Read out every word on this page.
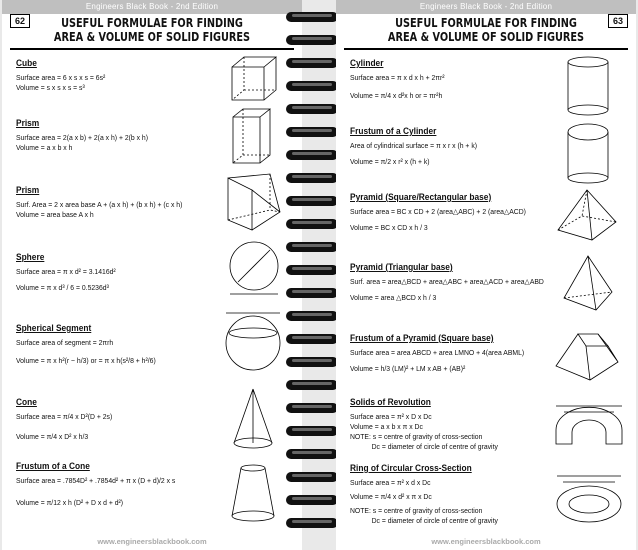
Engineers Black Book - 2nd Edition
62	USEFUL FORMULAE FOR FINDING
AREA & VOLUME OF SOLID FIGURES
Cube
Surface area = 6 x s x s = 6s²
Volume = s x s x s = s³
Prism
Surface area = 2(a x b) + 2(a x h) + 2(b x h)
Volume = a x b x h
Prism
Surf. Area = 2 x area base A + (a x h) + (b x h) + (c x h)
Volume = area base A x h
Sphere
Surface area = π x d² = 3.1416d²
Volume = π x d³ / 6 = 0.5236d³
Spherical Segment
Surface area of segment = 2πrh
Volume = π x h²(r − h/3) or = π x h(s²/8 + h²/6)
Cone
Surface area = π/4 x D²(D + 2s)
Volume = π/4 x D² x h/3
Frustum of a Cone
Surface area = .7854D² + .7854d² + π x (D + d)/2 x s
Volume = π/12 x h (D² + D x d + d²)
www.engineersblackbook.com
Engineers Black Book - 2nd Edition
63
USEFUL FORMULAE FOR FINDING
AREA & VOLUME OF SOLID FIGURES
Cylinder
Surface area = π x d x h + 2πr²
Volume = π/4 x d²x h or = πr²h
Frustum of a Cylinder
Area of cylindrical surface = π x r x (h + k)
Volume = π/2 x r² x (h + k)
Pyramid (Square/Rectangular base)
Surface area = BC x CD + 2 (area△ABC) + 2 (area△ACD)
Volume = BC x CD x h / 3
Pyramid (Triangular base)
Surf. area = area△BCD + area△ABC + area△ACD + area△ABD
Volume = area △BCD x h / 3
Frustum of a Pyramid (Square base)
Surface area = area ABCD + area LMNO + 4(area ABML)
Volume = h/3 (LM)² + LM x AB + (AB)²
Solids of Revolution
Surface area = π² x D x Dc
Volume = a x b x π x Dc
NOTE: s = centre of gravity of cross-section
Dc = diameter of circle of centre of gravity
Ring of Circular Cross-Section
Surface area = π² x d x Dc
Volume = π/4 x d² x π x Dc
NOTE: s = centre of gravity of cross-section
Dc = diameter of circle of centre of gravity
www.engineersblackbook.com
